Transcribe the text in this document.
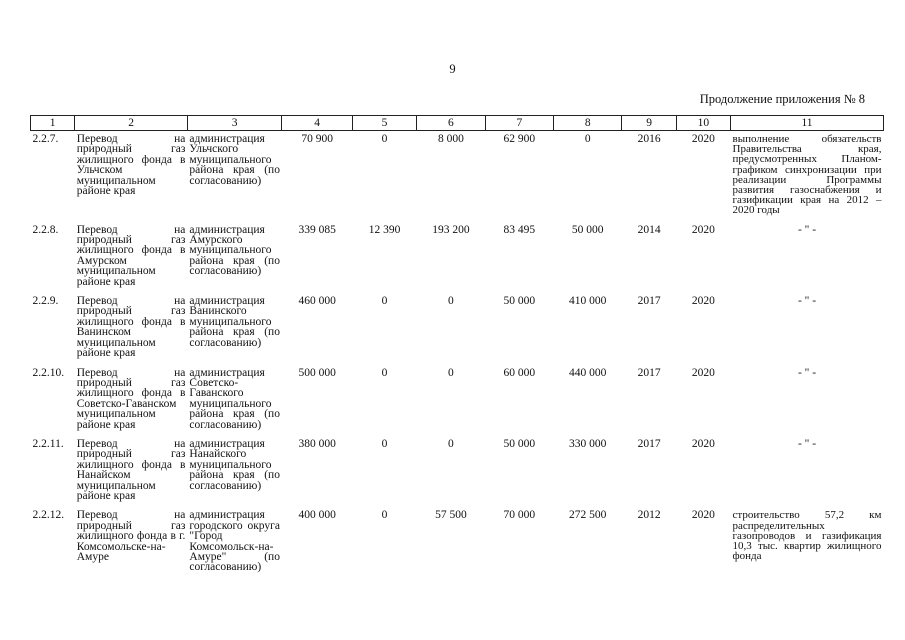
9
Продолжение приложения № 8
1	2	3	4	5	6	7	8	9	10	11
2.2.7.	Перевод на природный газ жилищного фонда в Ульчском муниципальном районе края	администрация Ульчского муниципального района края (по согласованию)	70 900	0	8 000	62 900	0	2016	2020	выполнение обязательств Правительства края, предусмотренных Планом-графиком синхронизации при реализации Программы развития газоснабжения и газификации края на 2012 – 2020 годы
2.2.8.	Перевод на природный газ жилищного фонда в Амурском муниципальном районе края	администрация Амурского муниципального района края (по согласованию)	339 085	12 390	193 200	83 495	50 000	2014	2020	- " -
2.2.9.	Перевод на природный газ жилищного фонда в Ванинском муниципальном районе края	администрация Ванинского муниципального района края (по согласованию)	460 000	0	0	50 000	410 000	2017	2020	- " -
2.2.10.	Перевод на природный газ жилищного фонда в Советско-Гаванском муниципальном районе края	администрация Советско-Гаванского муниципального района края (по согласованию)	500 000	0	0	60 000	440 000	2017	2020	- " -
2.2.11.	Перевод на природный газ жилищного фонда в Нанайском муниципальном районе края	администрация Нанайского муниципального района края (по согласованию)	380 000	0	0	50 000	330 000	2017	2020	- " -
2.2.12.	Перевод на природный газ жилищного фонда в г. Комсомольске-на-Амуре	администрация городского округа "Город Комсомольск-на-Амуре" (по согласованию)	400 000	0	57 500	70 000	272 500	2012	2020	строительство 57,2 км распределительных газопроводов и газификация 10,3 тыс. квартир жилищного фонда
